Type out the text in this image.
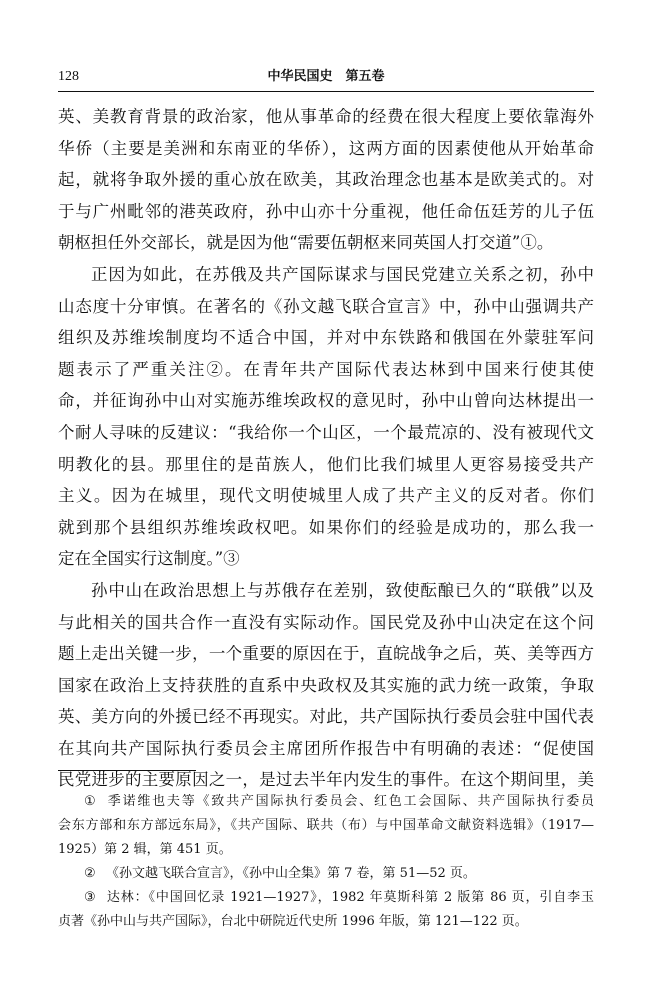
128	中华民国史　第五卷
英、美教育背景的政治家，他从事革命的经费在很大程度上要依靠海外
华侨（主要是美洲和东南亚的华侨），这两方面的因素使他从开始革命
起，就将争取外援的重心放在欧美，其政治理念也基本是欧美式的。对
于与广州毗邻的港英政府，孙中山亦十分重视，他任命伍廷芳的儿子伍
朝枢担任外交部长，就是因为他“需要伍朝枢来同英国人打交道”①。
正因为如此，在苏俄及共产国际谋求与国民党建立关系之初，孙中
山态度十分审慎。在著名的《孙文越飞联合宣言》中，孙中山强调共产
组织及苏维埃制度均不适合中国，并对中东铁路和俄国在外蒙驻军问
题表示了严重关注②。在青年共产国际代表达林到中国来行使其使
命，并征询孙中山对实施苏维埃政权的意见时，孙中山曾向达林提出一
个耐人寻味的反建议：“我给你一个山区，一个最荒凉的、没有被现代文
明教化的县。那里住的是苗族人，他们比我们城里人更容易接受共产
主义。因为在城里，现代文明使城里人成了共产主义的反对者。你们
就到那个县组织苏维埃政权吧。如果你们的经验是成功的，那么我一
定在全国实行这制度。”③
孙中山在政治思想上与苏俄存在差别，致使酝酿已久的“联俄”以及
与此相关的国共合作一直没有实际动作。国民党及孙中山决定在这个问
题上走出关键一步，一个重要的原因在于，直皖战争之后，英、美等西方
国家在政治上支持获胜的直系中央政权及其实施的武力统一政策，争取
英、美方向的外援已经不再现实。对此，共产国际执行委员会驻中国代表
在其向共产国际执行委员会主席团所作报告中有明确的表述：“促使国
民党进步的主要原因之一，是过去半年内发生的事件。在这个期间里，美
① 季诺维也夫等《致共产国际执行委员会、红色工会国际、共产国际执行委员
会东方部和东方部远东局》，《共产国际、联共（布）与中国革命文献资料选辑》（1917—
1925）第 2 辑，第 451 页。
② 《孙文越飞联合宣言》，《孙中山全集》第 7 卷，第 51—52 页。
③ 达林：《中国回忆录 1921—1927》，1982 年莫斯科第 2 版第 86 页，引自李玉
贞著《孙中山与共产国际》，台北中研院近代史所 1996 年版，第 121—122 页。
